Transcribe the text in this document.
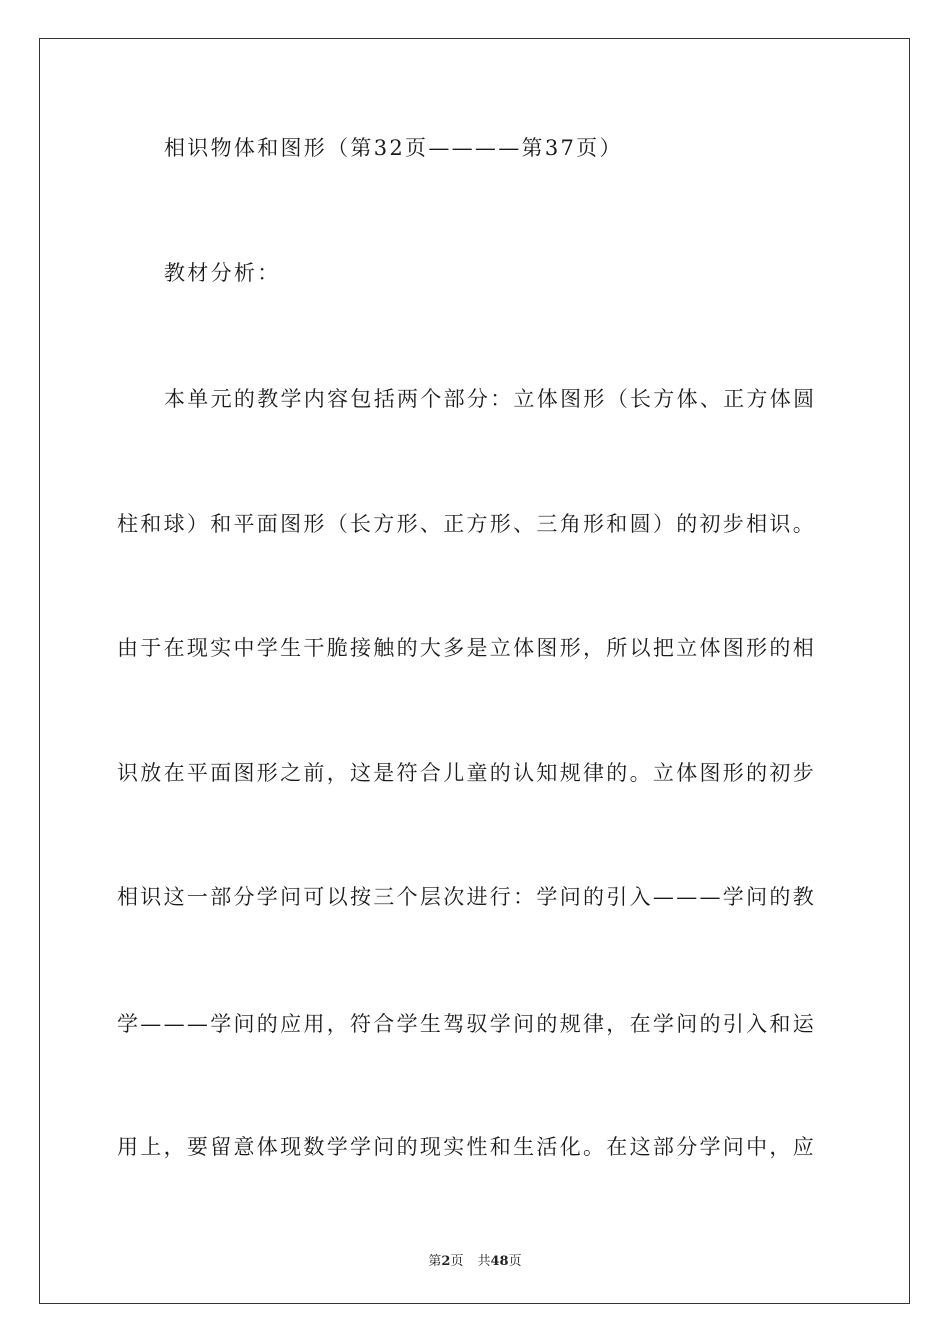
相识物体和图形（第32页————第37页）
教材分析：
本单元的教学内容包括两个部分：立体图形（长方体、正方体圆
柱和球）和平面图形（长方形、正方形、三角形和圆）的初步相识。
由于在现实中学生干脆接触的大多是立体图形，所以把立体图形的相
识放在平面图形之前，这是符合儿童的认知规律的。立体图形的初步
相识这一部分学问可以按三个层次进行：学问的引入———学问的教
学———学问的应用，符合学生驾驭学问的规律，在学问的引入和运
用上，要留意体现数学学问的现实性和生活化。在这部分学问中，应
第2页 共48页
